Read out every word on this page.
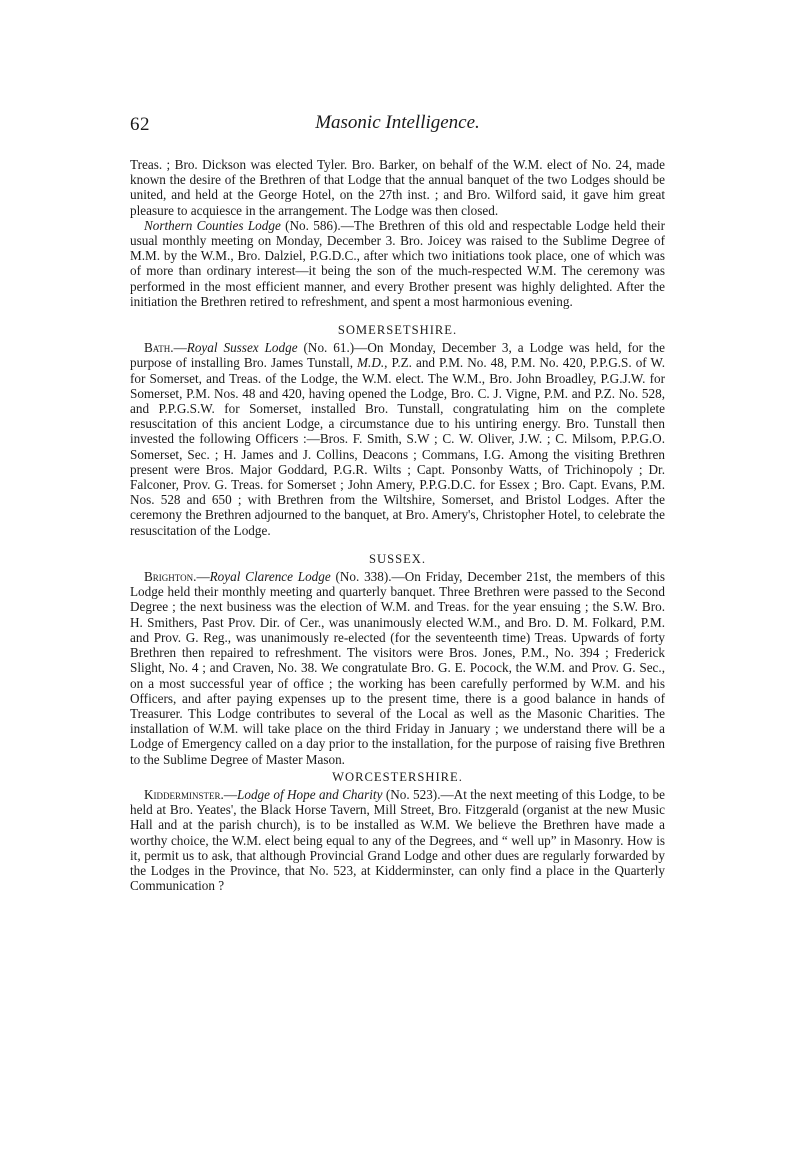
62	Masonic Intelligence.

Treas. ; Bro. Dickson was elected Tyler. Bro. Barker, on behalf of the W.M. elect of No. 24, made known the desire of the Brethren of that Lodge that the annual banquet of the two Lodges should be united, and held at the George Hotel, on the 27th inst. ; and Bro. Wilford said, it gave him great pleasure to acquiesce in the arrangement. The Lodge was then closed.

Northern Counties Lodge (No. 586).—The Brethren of this old and respectable Lodge held their usual monthly meeting on Monday, December 3. Bro. Joicey was raised to the Sublime Degree of M.M. by the W.M., Bro. Dalziel, P.G.D.C., after which two initiations took place, one of which was of more than ordinary interest—it being the son of the much-respected W.M. The ceremony was performed in the most efficient manner, and every Brother present was highly delighted. After the initiation the Brethren retired to refreshment, and spent a most harmonious evening.

SOMERSETSHIRE.

Bath.—Royal Sussex Lodge (No. 61.)—On Monday, December 3, a Lodge was held, for the purpose of installing Bro. James Tunstall, M.D., P.Z. and P.M. No. 48, P.M. No. 420, P.P.G.S. of W. for Somerset, and Treas. of the Lodge, the W.M. elect. The W.M., Bro. John Broadley, P.G.J.W. for Somerset, P.M. Nos. 48 and 420, having opened the Lodge, Bro. C. J. Vigne, P.M. and P.Z. No. 528, and P.P.G.S.W. for Somerset, installed Bro. Tunstall, congratulating him on the complete resuscitation of this ancient Lodge, a circumstance due to his untiring energy. Bro. Tunstall then invested the following Officers :—Bros. F. Smith, S.W ; C. W. Oliver, J.W. ; C. Milsom, P.P.G.O. Somerset, Sec. ; H. James and J. Collins, Deacons ; Commans, I.G. Among the visiting Brethren present were Bros. Major Goddard, P.G.R. Wilts ; Capt. Ponsonby Watts, of Trichinopoly ; Dr. Falconer, Prov. G. Treas. for Somerset ; John Amery, P.P.G.D.C. for Essex ; Bro. Capt. Evans, P.M. Nos. 528 and 650 ; with Brethren from the Wiltshire, Somerset, and Bristol Lodges. After the ceremony the Brethren adjourned to the banquet, at Bro. Amery's, Christopher Hotel, to celebrate the resuscitation of the Lodge.

SUSSEX.

Brighton.—Royal Clarence Lodge (No. 338).—On Friday, December 21st, the members of this Lodge held their monthly meeting and quarterly banquet. Three Brethren were passed to the Second Degree ; the next business was the election of W.M. and Treas. for the year ensuing ; the S.W. Bro. H. Smithers, Past Prov. Dir. of Cer., was unanimously elected W.M., and Bro. D. M. Folkard, P.M. and Prov. G. Reg., was unanimously re-elected (for the seventeenth time) Treas. Upwards of forty Brethren then repaired to refreshment. The visitors were Bros. Jones, P.M., No. 394 ; Frederick Slight, No. 4 ; and Craven, No. 38. We congratulate Bro. G. E. Pocock, the W.M. and Prov. G. Sec., on a most successful year of office ; the working has been carefully performed by W.M. and his Officers, and after paying expenses up to the present time, there is a good balance in hands of Treasurer. This Lodge contributes to several of the Local as well as the Masonic Charities. The installation of W.M. will take place on the third Friday in January ; we understand there will be a Lodge of Emergency called on a day prior to the installation, for the purpose of raising five Brethren to the Sublime Degree of Master Mason.

WORCESTERSHIRE.

Kidderminster.—Lodge of Hope and Charity (No. 523).—At the next meeting of this Lodge, to be held at Bro. Yeates', the Black Horse Tavern, Mill Street, Bro. Fitzgerald (organist at the new Music Hall and at the parish church), is to be installed as W.M. We believe the Brethren have made a worthy choice, the W.M. elect being equal to any of the Degrees, and “ well up” in Masonry. How is it, permit us to ask, that although Provincial Grand Lodge and other dues are regularly forwarded by the Lodges in the Province, that No. 523, at Kidderminster, can only find a place in the Quarterly Communication ?
